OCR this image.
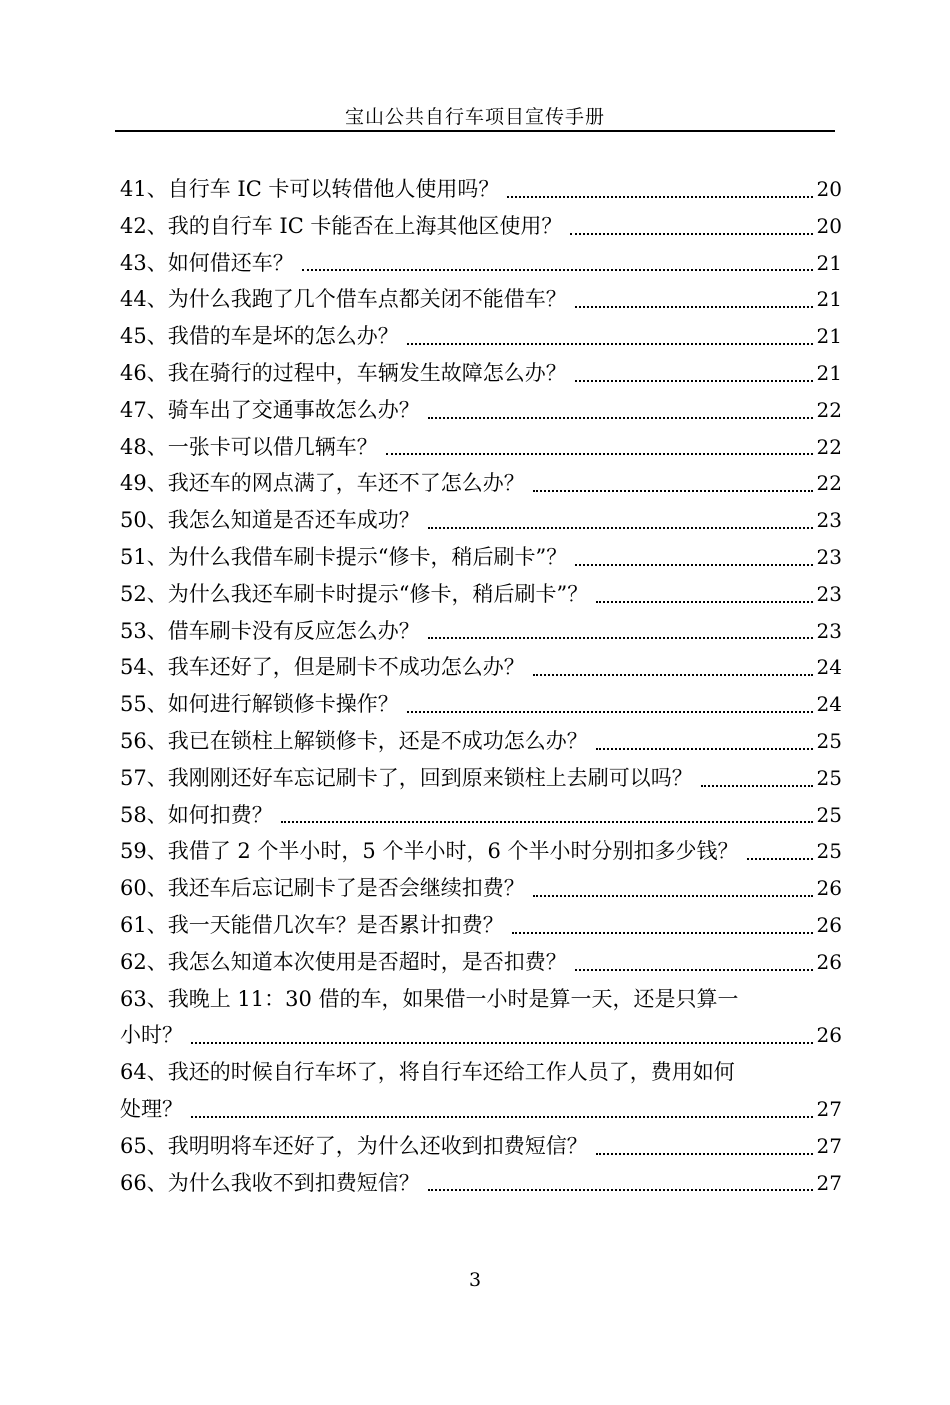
宝山公共自行车项目宣传手册
41、自行车 IC 卡可以转借他人使用吗？	20
42、我的自行车 IC 卡能否在上海其他区使用？	20
43、如何借还车？	21
44、为什么我跑了几个借车点都关闭不能借车？	21
45、我借的车是坏的怎么办？	21
46、我在骑行的过程中，车辆发生故障怎么办？	21
47、骑车出了交通事故怎么办？	22
48、一张卡可以借几辆车？	22
49、我还车的网点满了，车还不了怎么办？	22
50、我怎么知道是否还车成功？	23
51、为什么我借车刷卡提示“修卡，稍后刷卡”？	23
52、为什么我还车刷卡时提示“修卡，稍后刷卡”？	23
53、借车刷卡没有反应怎么办？	23
54、我车还好了，但是刷卡不成功怎么办？	24
55、如何进行解锁修卡操作？	24
56、我已在锁柱上解锁修卡，还是不成功怎么办？	25
57、我刚刚还好车忘记刷卡了，回到原来锁柱上去刷可以吗？	25
58、如何扣费？	25
59、我借了 2 个半小时，5 个半小时，6 个半小时分别扣多少钱？	25
60、我还车后忘记刷卡了是否会继续扣费？	26
61、我一天能借几次车？是否累计扣费？	26
62、我怎么知道本次使用是否超时，是否扣费？	26
63、我晚上 11：30 借的车，如果借一小时是算一天，还是只算一
小时？	26
64、我还的时候自行车坏了，将自行车还给工作人员了，费用如何
处理？	27
65、我明明将车还好了，为什么还收到扣费短信？	27
66、为什么我收不到扣费短信？	27
3
